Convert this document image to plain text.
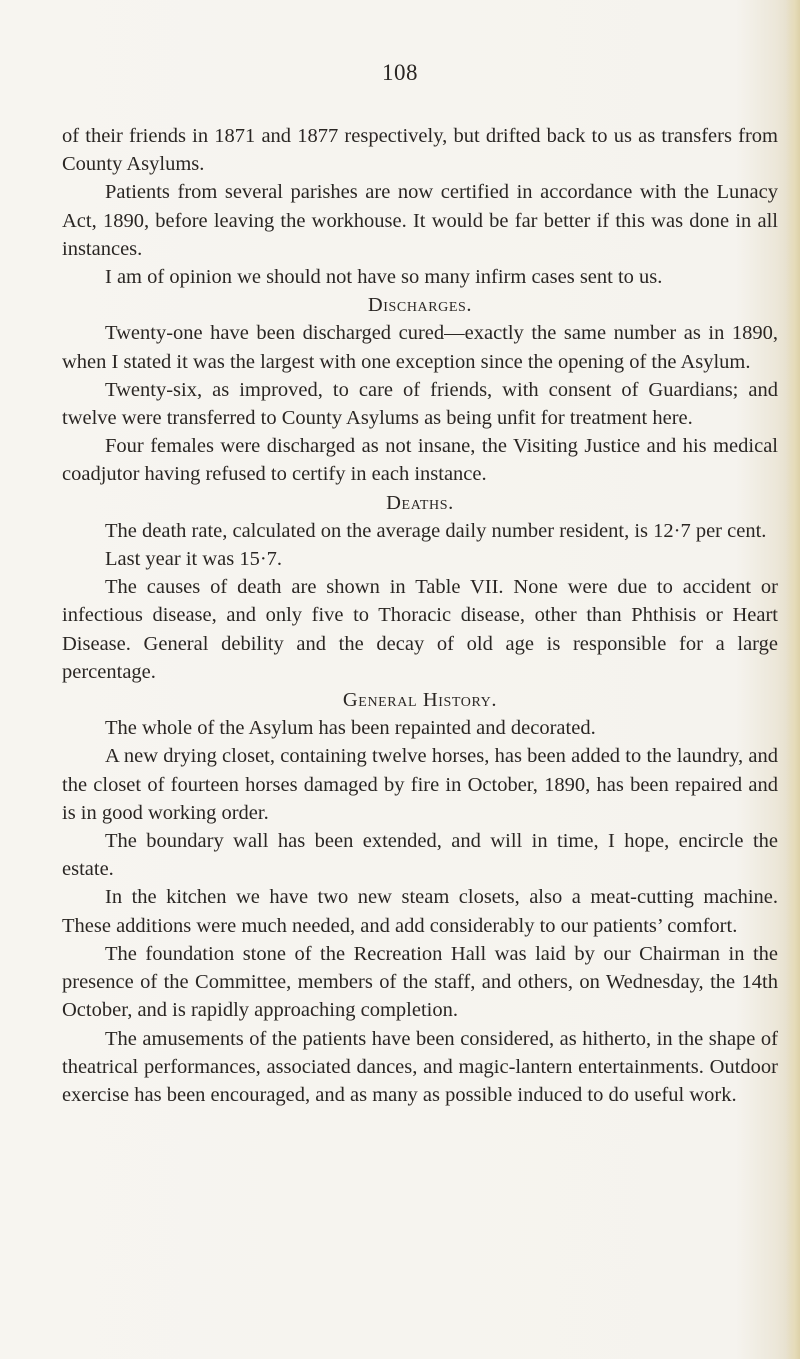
108

of their friends in 1871 and 1877 respectively, but drifted back to us as transfers from County Asylums.

Patients from several parishes are now certified in accordance with the Lunacy Act, 1890, before leaving the workhouse. It would be far better if this was done in all instances.

I am of opinion we should not have so many infirm cases sent to us.

Discharges.

Twenty-one have been discharged cured—exactly the same number as in 1890, when I stated it was the largest with one exception since the opening of the Asylum.

Twenty-six, as improved, to care of friends, with consent of Guardians; and twelve were transferred to County Asylums as being unfit for treatment here.

Four females were discharged as not insane, the Visiting Justice and his medical coadjutor having refused to certify in each instance.

Deaths.

The death rate, calculated on the average daily number resident, is 12·7 per cent.

Last year it was 15·7.

The causes of death are shown in Table VII. None were due to accident or infectious disease, and only five to Thoracic disease, other than Phthisis or Heart Disease. General debility and the decay of old age is responsible for a large percentage.

General History.

The whole of the Asylum has been repainted and decorated.

A new drying closet, containing twelve horses, has been added to the laundry, and the closet of fourteen horses damaged by fire in October, 1890, has been repaired and is in good working order.

The boundary wall has been extended, and will in time, I hope, encircle the estate.

In the kitchen we have two new steam closets, also a meat-cutting machine. These additions were much needed, and add considerably to our patients’ comfort.

The foundation stone of the Recreation Hall was laid by our Chairman in the presence of the Committee, members of the staff, and others, on Wednesday, the 14th October, and is rapidly approaching completion.

The amusements of the patients have been considered, as hitherto, in the shape of theatrical performances, associated dances, and magic-lantern entertainments. Outdoor exercise has been encouraged, and as many as possible induced to do useful work.
